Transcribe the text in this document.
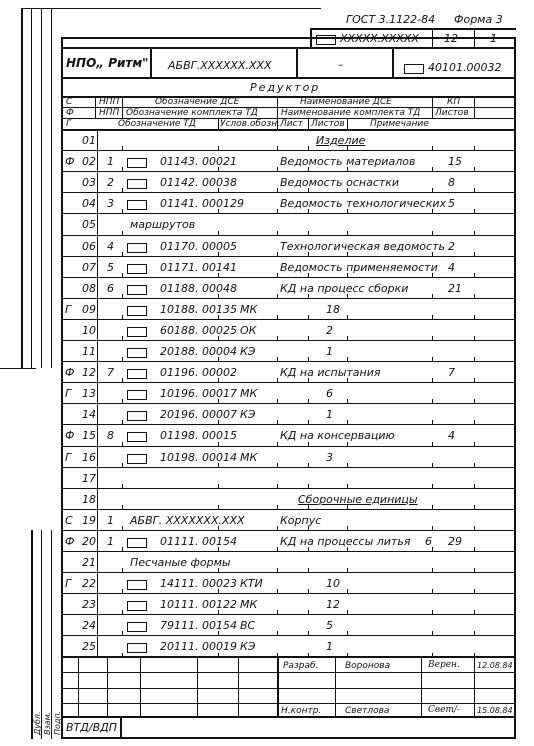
Дубл. Взам. Подп.
ГОСТ 3.1122-84 Форма 3
XXXXX.XXXXX 12	1
НПО„ Ритм" АБВГ.XXXXXX.XXX	–	40101.00032
Редуктор
С	НПП	Обозначение ДСЕ	Наименование ДСЕ	КП
Ф	НПП Обозначение комплекта ТД	Наименование комплекта ТД Листов
Г	Обозначение ТД	Услов.обозн. Лист Листов	Примечание
01	Изделие
Ф 02 1	01143. 00021	Ведомость материалов	15
03 2	01142. 00038	Ведомость оснастки	8
04 3	01141. 000129	Ведомость технологических 5
05	маршрутов
06 4	01170. 00005	Технологическая ведомость 2
07 5	01171. 00141	Ведомость применяемости 4
08 6	01188. 00048	КД на процесс сборки	21
Г 09	10188. 00135 МК	18
10	60188. 00025 ОК	2
11	20188. 00004 КЭ	1
Ф 12 7	01196. 00002	КД на испытания	7
Г 13	10196. 00017 МК	6
14	20196. 00007 КЭ	1
Ф 15 8	01198. 00015	КД на консервацию	4
Г 16	10198. 00014 МК	3
17
18	Сборочные единицы
С 19 1 АБВГ. XXXXXXX.XXX	Корпус
Ф 20 1	01111. 00154	КД на процессы литья 6 29
21	Песчаные формы
Г 22	14111. 00023 КТИ	10
23	10111. 00122 МК	12
24	79111. 00154 ВС	5
25	20111. 00019 КЭ	1
Разраб.	Воронова	Верен. 12.08.84
Н.контр.	Светлова	Свет/- 15.08.84
ВТД/ВДП
